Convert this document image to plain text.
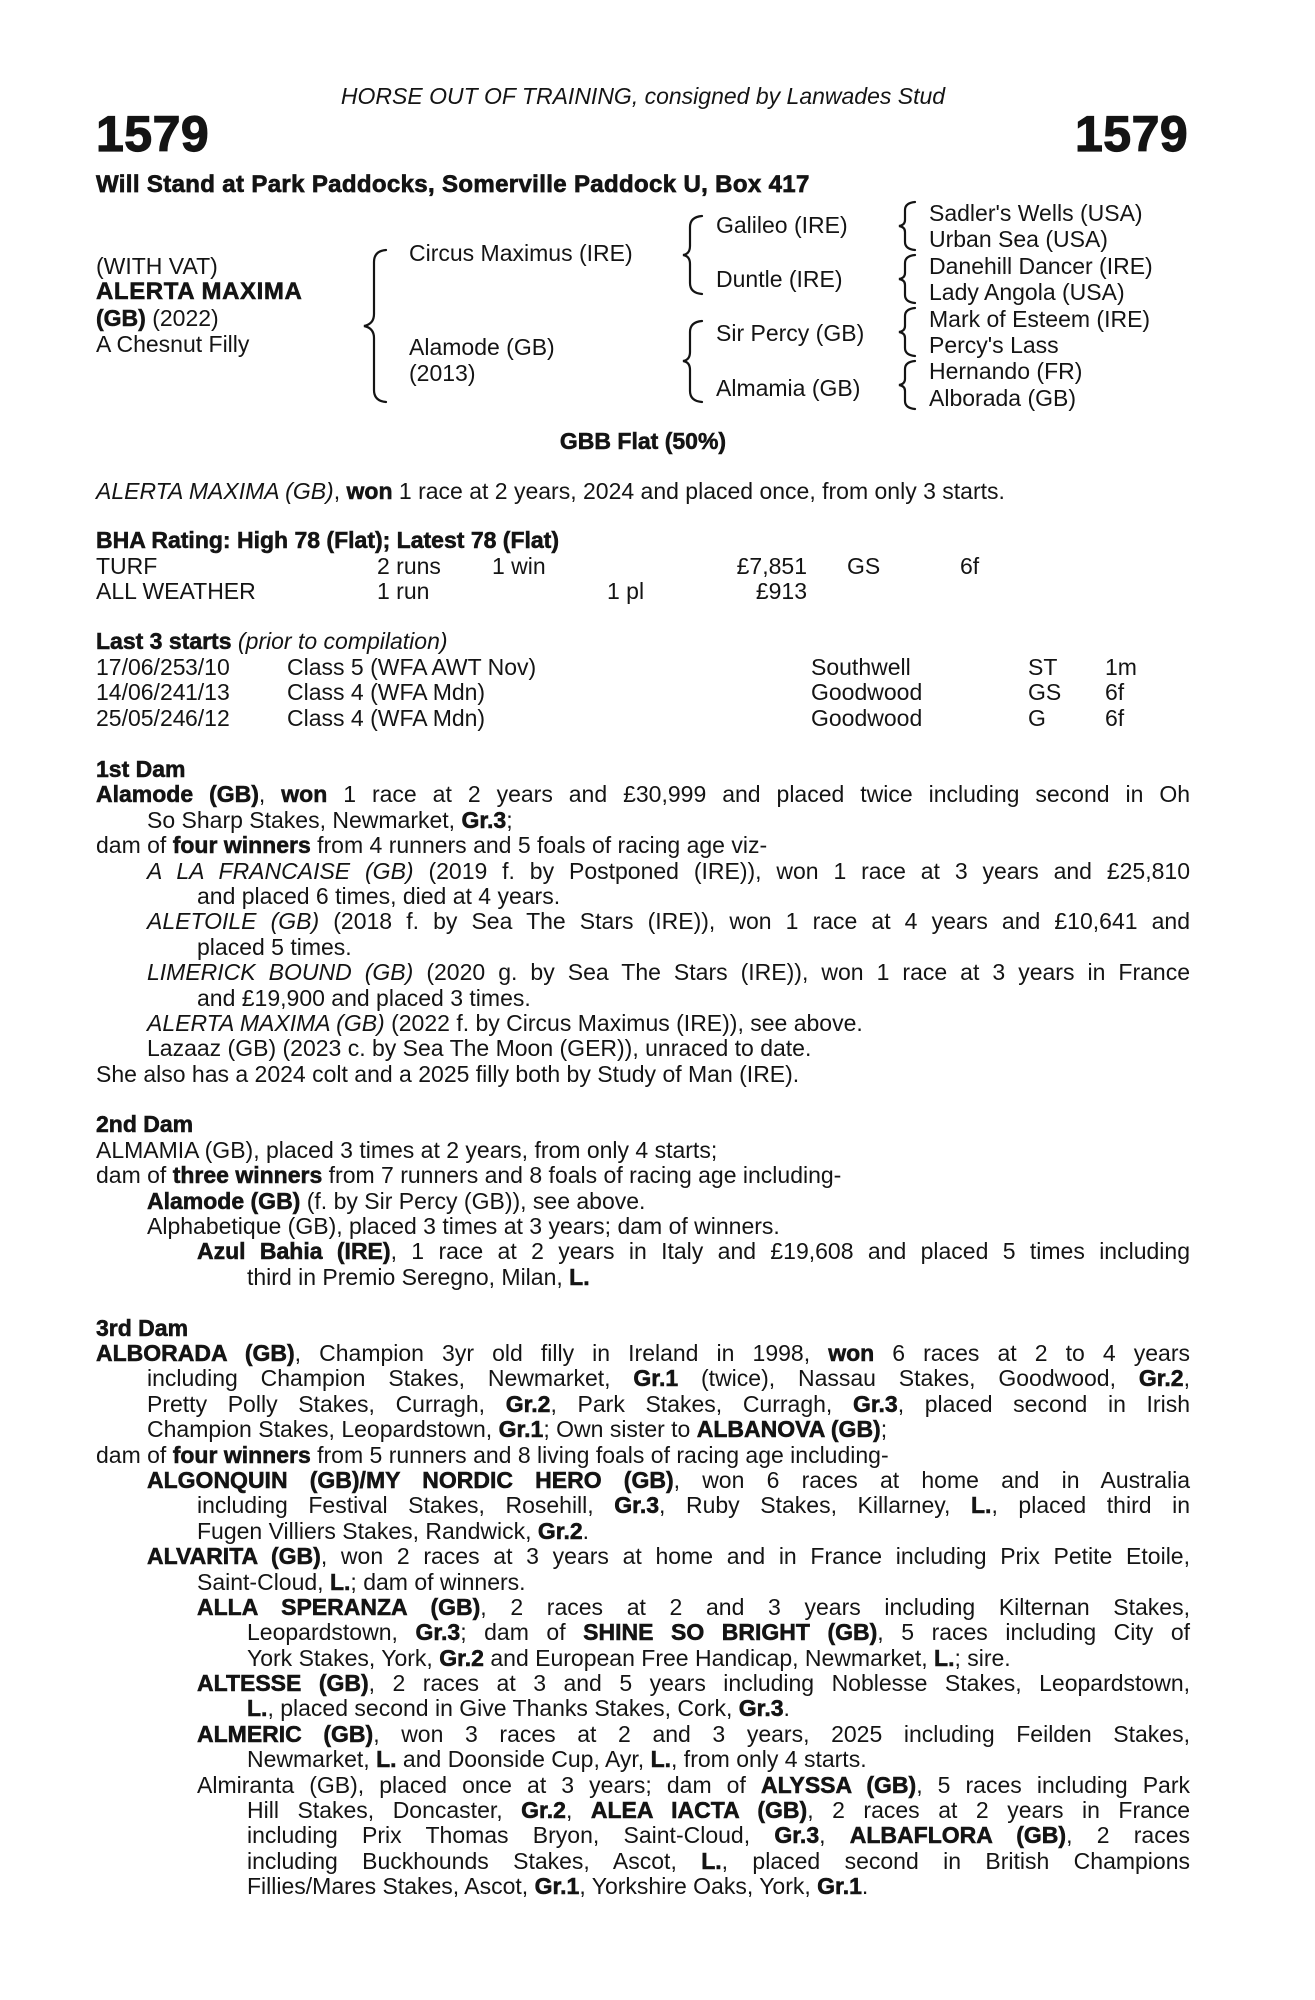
HORSE OUT OF TRAINING, consigned by Lanwades Stud
1579	1579
Will Stand at Park Paddocks, Somerville Paddock U, Box 417
(WITH VAT)
ALERTA MAXIMA
(GB) (2022)
A Chesnut Filly
Circus Maximus (IRE)
Alamode (GB)
(2013)
Galileo (IRE)
Duntle (IRE)
Sir Percy (GB)
Almamia (GB)
Sadler's Wells (USA)
Urban Sea (USA)
Danehill Dancer (IRE)
Lady Angola (USA)
Mark of Esteem (IRE)
Percy's Lass
Hernando (FR)
Alborada (GB)
GBB Flat (50%)
ALERTA MAXIMA (GB), won 1 race at 2 years, 2024 and placed once, from only 3 starts.
BHA Rating: High 78 (Flat); Latest 78 (Flat)
TURF	2 runs 1 win	£7,851 GS	6f
ALL WEATHER	1 run	1 pl	£913
Last 3 starts (prior to compilation)
17/06/25 3/10 Class 5 (WFA AWT Nov)	Southwell	ST 1m
14/06/24 1/13 Class 4 (WFA Mdn)	Goodwood	GS 6f
25/05/24 6/12 Class 4 (WFA Mdn)	Goodwood	G	6f
1st Dam
Alamode (GB), won 1 race at 2 years and £30,999 and placed twice including second in Oh
So Sharp Stakes, Newmarket, Gr.3;
dam of four winners from 4 runners and 5 foals of racing age viz-
A LA FRANCAISE (GB) (2019 f. by Postponed (IRE)), won 1 race at 3 years and £25,810
and placed 6 times, died at 4 years.
ALETOILE (GB) (2018 f. by Sea The Stars (IRE)), won 1 race at 4 years and £10,641 and
placed 5 times.
LIMERICK BOUND (GB) (2020 g. by Sea The Stars (IRE)), won 1 race at 3 years in France
and £19,900 and placed 3 times.
ALERTA MAXIMA (GB) (2022 f. by Circus Maximus (IRE)), see above.
Lazaaz (GB) (2023 c. by Sea The Moon (GER)), unraced to date.
She also has a 2024 colt and a 2025 filly both by Study of Man (IRE).
2nd Dam
ALMAMIA (GB), placed 3 times at 2 years, from only 4 starts;
dam of three winners from 7 runners and 8 foals of racing age including-
Alamode (GB) (f. by Sir Percy (GB)), see above.
Alphabetique (GB), placed 3 times at 3 years; dam of winners.
Azul Bahia (IRE), 1 race at 2 years in Italy and £19,608 and placed 5 times including
third in Premio Seregno, Milan, L.
3rd Dam
ALBORADA (GB), Champion 3yr old filly in Ireland in 1998, won 6 races at 2 to 4 years
including Champion Stakes, Newmarket, Gr.1 (twice), Nassau Stakes, Goodwood, Gr.2,
Pretty Polly Stakes, Curragh, Gr.2, Park Stakes, Curragh, Gr.3, placed second in Irish
Champion Stakes, Leopardstown, Gr.1; Own sister to ALBANOVA (GB);
dam of four winners from 5 runners and 8 living foals of racing age including-
ALGONQUIN (GB)/MY NORDIC HERO (GB), won 6 races at home and in Australia
including Festival Stakes, Rosehill, Gr.3, Ruby Stakes, Killarney, L., placed third in
Fugen Villiers Stakes, Randwick, Gr.2.
ALVARITA (GB), won 2 races at 3 years at home and in France including Prix Petite Etoile,
Saint-Cloud, L.; dam of winners.
ALLA SPERANZA (GB), 2 races at 2 and 3 years including Kilternan Stakes,
Leopardstown, Gr.3; dam of SHINE SO BRIGHT (GB), 5 races including City of
York Stakes, York, Gr.2 and European Free Handicap, Newmarket, L.; sire.
ALTESSE (GB), 2 races at 3 and 5 years including Noblesse Stakes, Leopardstown,
L., placed second in Give Thanks Stakes, Cork, Gr.3.
ALMERIC (GB), won 3 races at 2 and 3 years, 2025 including Feilden Stakes,
Newmarket, L. and Doonside Cup, Ayr, L., from only 4 starts.
Almiranta (GB), placed once at 3 years; dam of ALYSSA (GB), 5 races including Park
Hill Stakes, Doncaster, Gr.2, ALEA IACTA (GB), 2 races at 2 years in France
including Prix Thomas Bryon, Saint-Cloud, Gr.3, ALBAFLORA (GB), 2 races
including Buckhounds Stakes, Ascot, L., placed second in British Champions
Fillies/Mares Stakes, Ascot, Gr.1, Yorkshire Oaks, York, Gr.1.
